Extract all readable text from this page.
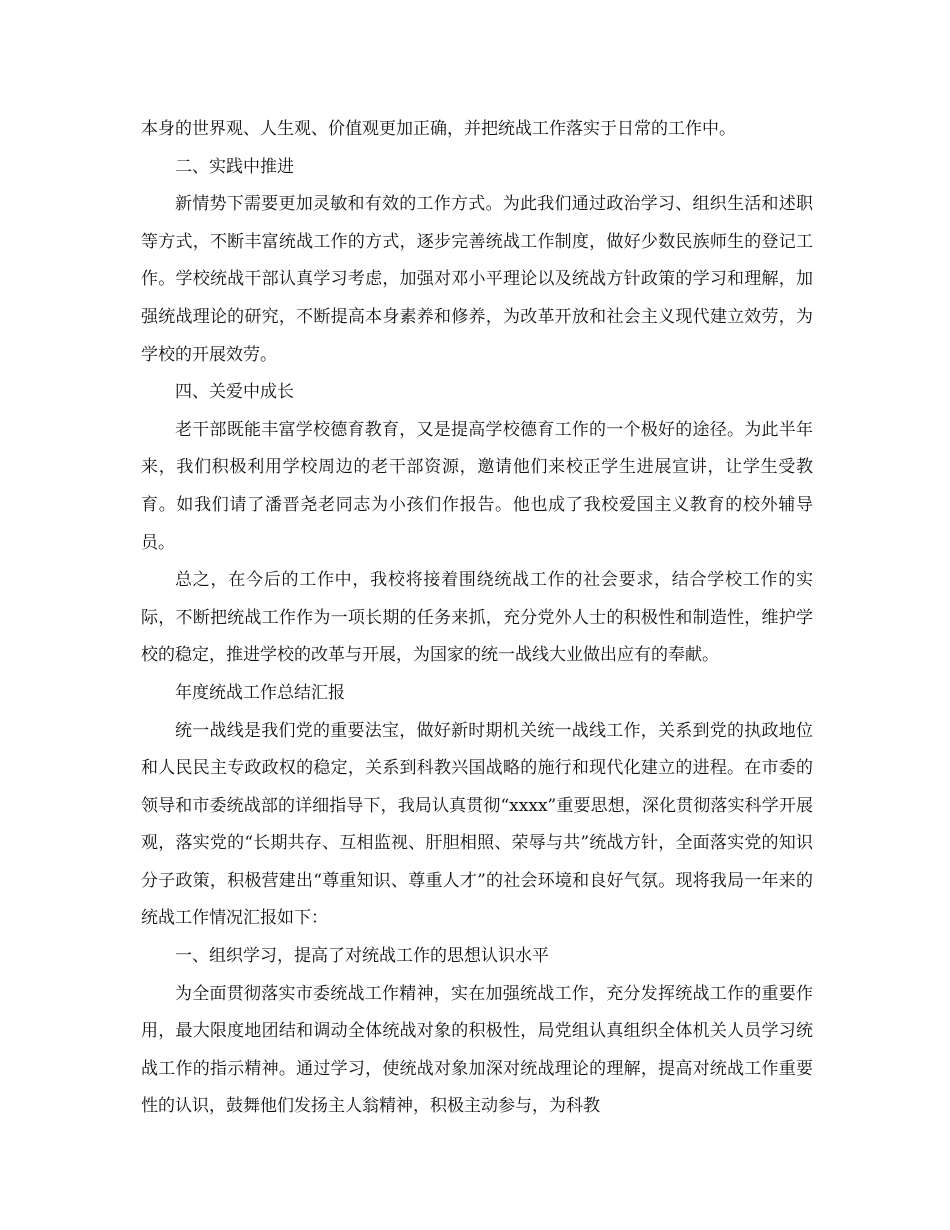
本身的世界观、人生观、价值观更加正确，并把统战工作落实于日常的工作中。

二、实践中推进

新情势下需要更加灵敏和有效的工作方式。为此我们通过政治学习、组织生活和述职等方式，不断丰富统战工作的方式，逐步完善统战工作制度，做好少数民族师生的登记工作。学校统战干部认真学习考虑，加强对邓小平理论以及统战方针政策的学习和理解，加强统战理论的研究，不断提高本身素养和修养，为改革开放和社会主义现代建立效劳，为学校的开展效劳。

四、关爱中成长

老干部既能丰富学校德育教育，又是提高学校德育工作的一个极好的途径。为此半年来，我们积极利用学校周边的老干部资源，邀请他们来校正学生进展宣讲，让学生受教育。如我们请了潘晋尧老同志为小孩们作报告。他也成了我校爱国主义教育的校外辅导员。

总之，在今后的工作中，我校将接着围绕统战工作的社会要求，结合学校工作的实际，不断把统战工作作为一项长期的任务来抓，充分党外人士的积极性和制造性，维护学校的稳定，推进学校的改革与开展，为国家的统一战线大业做出应有的奉献。

年度统战工作总结汇报

统一战线是我们党的重要法宝，做好新时期机关统一战线工作，关系到党的执政地位和人民民主专政政权的稳定，关系到科教兴国战略的施行和现代化建立的进程。在市委的领导和市委统战部的详细指导下，我局认真贯彻“xxxx”重要思想，深化贯彻落实科学开展观，落实党的“长期共存、互相监视、肝胆相照、荣辱与共”统战方针，全面落实党的知识分子政策，积极营建出“尊重知识、尊重人才”的社会环境和良好气氛。现将我局一年来的统战工作情况汇报如下：

一、组织学习，提高了对统战工作的思想认识水平

为全面贯彻落实市委统战工作精神，实在加强统战工作，充分发挥统战工作的重要作用，最大限度地团结和调动全体统战对象的积极性，局党组认真组织全体机关人员学习统战工作的指示精神。通过学习，使统战对象加深对统战理论的理解，提高对统战工作重要性的认识，鼓舞他们发扬主人翁精神，积极主动参与，为科教
